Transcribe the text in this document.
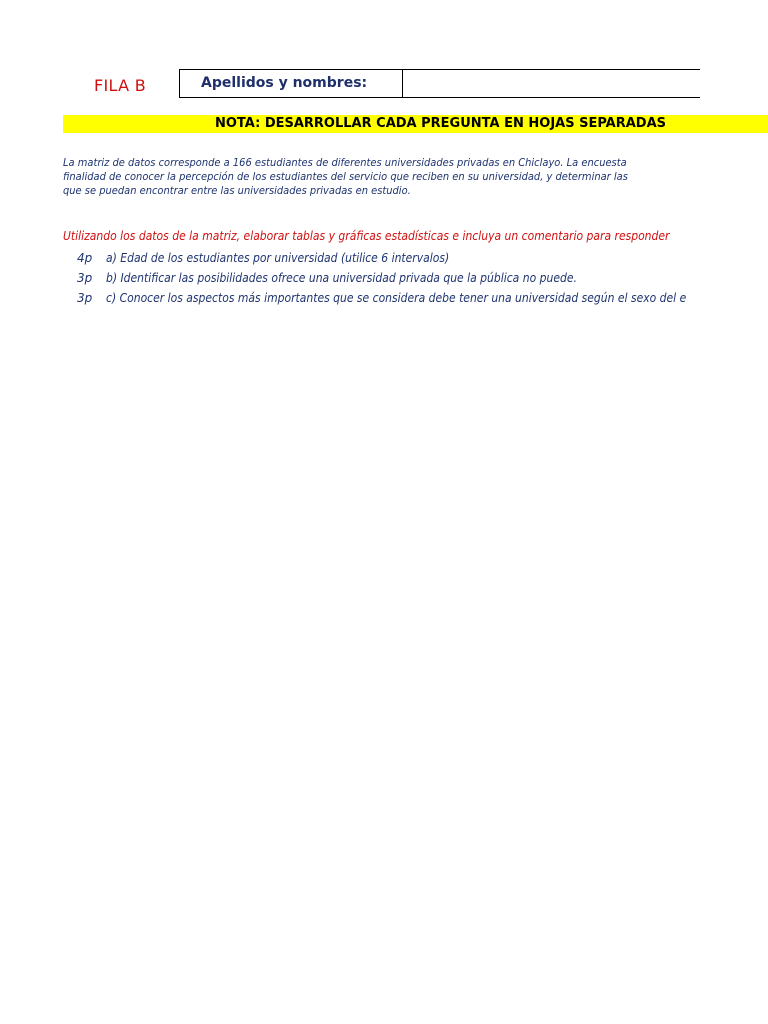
FILA B	Apellidos y nombres:
NOTA: DESARROLLAR CADA PREGUNTA EN HOJAS SEPARADAS
La matriz de datos corresponde a 166 estudiantes de diferentes universidades privadas en Chiclayo. La encuesta
finalidad de conocer la percepción de los estudiantes del servicio que reciben en su universidad, y determinar las
que se puedan encontrar entre las universidades privadas en estudio.
Utilizando los datos de la matriz, elaborar tablas y gráficas estadísticas e incluya un comentario para responder
4p a) Edad de los estudiantes por universidad (utilice 6 intervalos)
3p b) Identificar las posibilidades ofrece una universidad privada que la pública no puede.
3p c) Conocer los aspectos más importantes que se considera debe tener una universidad según el sexo del e
